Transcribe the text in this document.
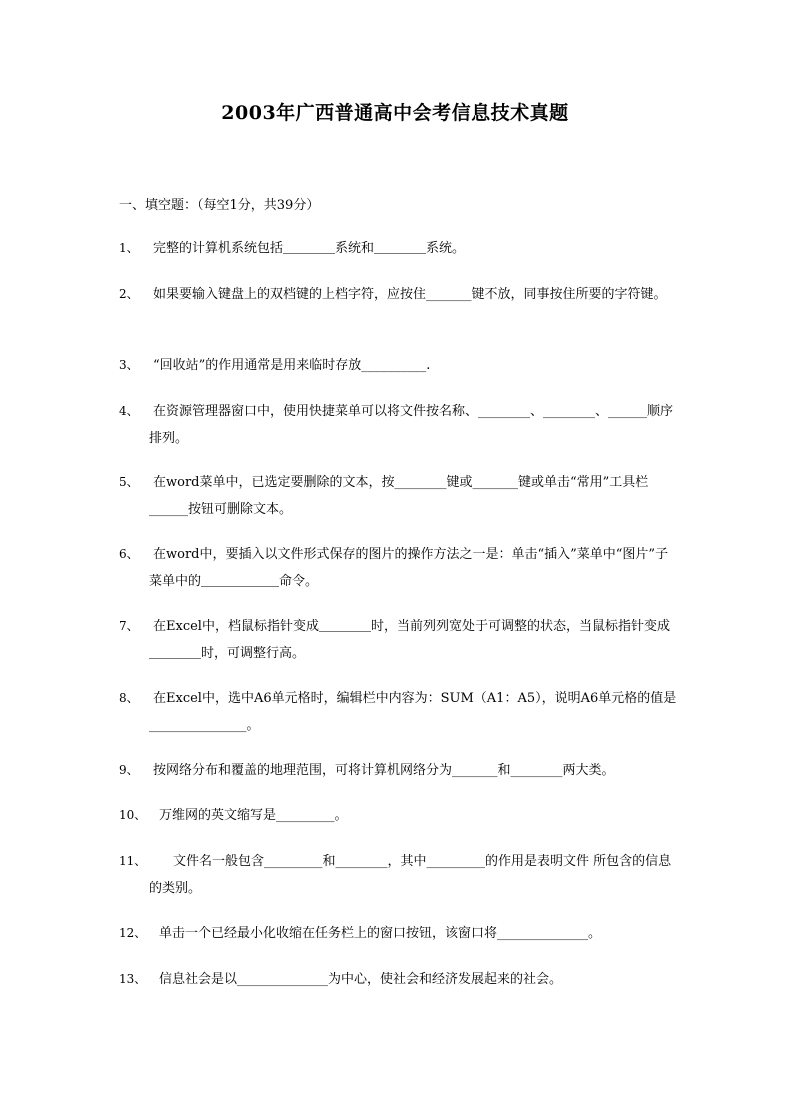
2003年广西普通高中会考信息技术真题
一、填空题：（每空1分，共39分）
1、	完整的计算机系统包括＿＿＿＿系统和＿＿＿＿系统。
2、	如果要输入键盘上的双档键的上档字符，应按住_______键不放，同事按住所要的字符键。
3、	“回收站”的作用通常是用来临时存放__________.
4、	在资源管理器窗口中，使用快捷菜单可以将文件按名称、________、________、______顺序排列。
5、	在word菜单中，已选定要删除的文本，按________键或_______键或单击“常用”工具栏______按钮可删除文本。
6、	在word中，要插入以文件形式保存的图片的操作方法之一是：单击“插入”菜单中“图片”子菜单中的＿＿＿＿＿＿命令。
7、	在Excel中，档鼠标指针变成＿＿＿＿时，当前列列宽处于可调整的状态，当鼠标指针变成＿＿＿＿时，可调整行高。
8、	在Excel中，选中A6单元格时，编辑栏中内容为：SUM（A1：A5），说明A6单元格的值是_______________。
9、	按网络分布和覆盖的地理范围，可将计算机网络分为_______和________两大类。
10、 万维网的英文缩写是_________。
11、	文件名一般包含_________和________，其中_________的作用是表明文件 所包含的信息的类别。
12、 单击一个已经最小化收缩在任务栏上的窗口按钮，该窗口将______________。
13、 信息社会是以______________为中心，使社会和经济发展起来的社会。
